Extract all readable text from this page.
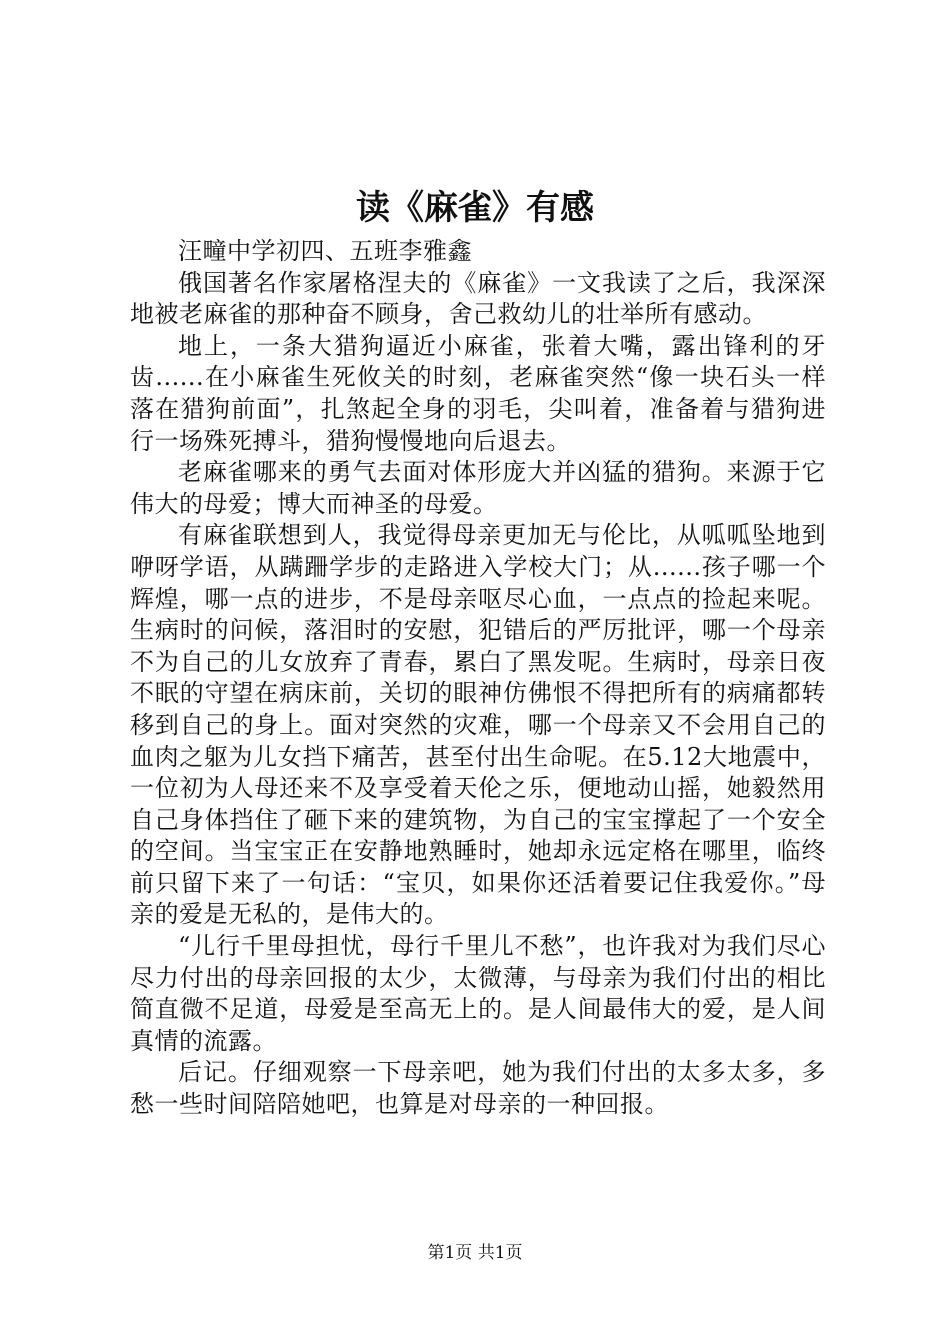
读《麻雀》有感

汪疃中学初四、五班李雅鑫

俄国著名作家屠格涅夫的《麻雀》一文我读了之后，我深深地被老麻雀的那种奋不顾身，舍己救幼儿的壮举所有感动。

地上，一条大猎狗逼近小麻雀，张着大嘴，露出锋利的牙齿......在小麻雀生死攸关的时刻，老麻雀突然“像一块石头一样落在猎狗前面”，扎煞起全身的羽毛，尖叫着，准备着与猎狗进行一场殊死搏斗，猎狗慢慢地向后退去。

老麻雀哪来的勇气去面对体形庞大并凶猛的猎狗。来源于它伟大的母爱；博大而神圣的母爱。

有麻雀联想到人，我觉得母亲更加无与伦比，从呱呱坠地到咿呀学语，从蹒跚学步的走路进入学校大门；从......孩子哪一个辉煌，哪一点的进步，不是母亲呕尽心血，一点点的捡起来呢。生病时的问候，落泪时的安慰，犯错后的严厉批评，哪一个母亲不为自己的儿女放弃了青春，累白了黑发呢。生病时，母亲日夜不眠的守望在病床前，关切的眼神仿佛恨不得把所有的病痛都转移到自己的身上。面对突然的灾难，哪一个母亲又不会用自己的血肉之躯为儿女挡下痛苦，甚至付出生命呢。在5.12大地震中，一位初为人母还来不及享受着天伦之乐，便地动山摇，她毅然用自己身体挡住了砸下来的建筑物，为自己的宝宝撑起了一个安全的空间。当宝宝正在安静地熟睡时，她却永远定格在哪里，临终前只留下来了一句话：“宝贝，如果你还活着要记住我爱你。”母亲的爱是无私的，是伟大的。

“儿行千里母担忧，母行千里儿不愁”，也许我对为我们尽心尽力付出的母亲回报的太少，太微薄，与母亲为我们付出的相比简直微不足道，母爱是至高无上的。是人间最伟大的爱，是人间真情的流露。

后记。仔细观察一下母亲吧，她为我们付出的太多太多，多愁一些时间陪陪她吧，也算是对母亲的一种回报。

第1页 共1页
